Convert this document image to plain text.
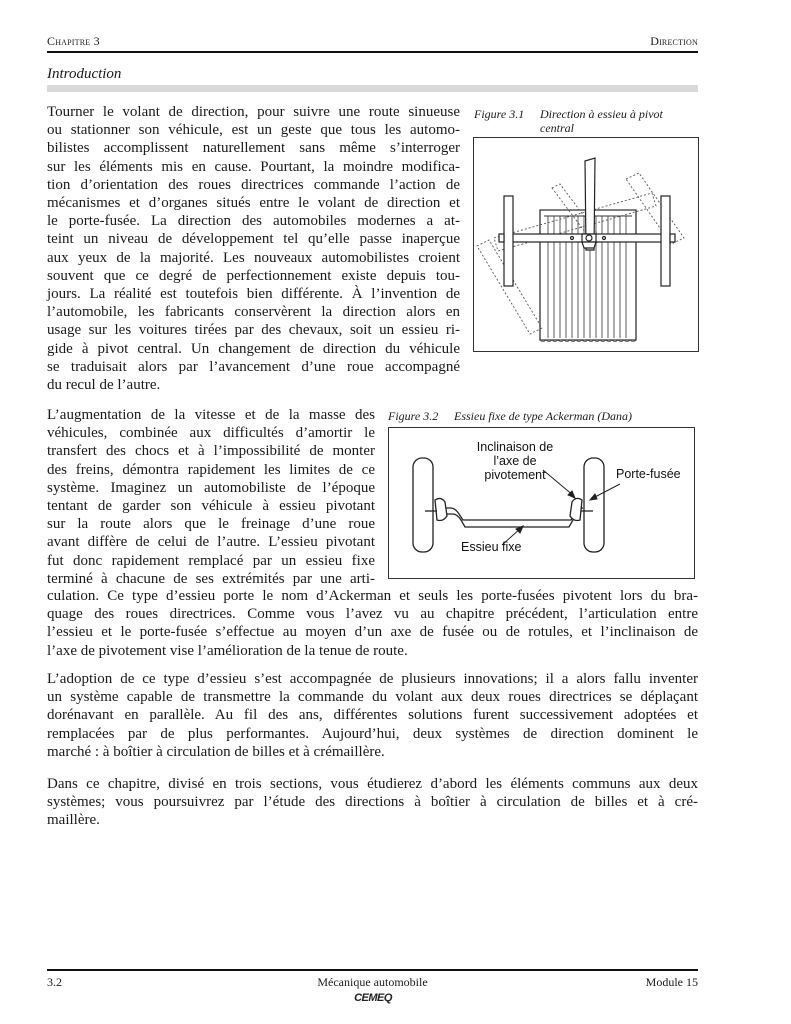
Chapitre 3	Direction
Introduction
Tourner le volant de direction, pour suivre une route sinueuse
ou stationner son véhicule, est un geste que tous les automo-
bilistes accomplissent naturellement sans même s’interroger
sur les éléments mis en cause. Pourtant, la moindre modifica-
tion d’orientation des roues directrices commande l’action de
mécanismes et d’organes situés entre le volant de direction et
le porte-fusée. La direction des automobiles modernes a at-
teint un niveau de développement tel qu’elle passe inaperçue
aux yeux de la majorité. Les nouveaux automobilistes croient
souvent que ce degré de perfectionnement existe depuis tou-
jours. La réalité est toutefois bien différente. À l’invention de
l’automobile, les fabricants conservèrent la direction alors en
usage sur les voitures tirées par des chevaux, soit un essieu ri-
gide à pivot central. Un changement de direction du véhicule
se traduisait alors par l’avancement d’une roue accompagné
du recul de l’autre.
Figure 3.1 Direction à essieu à pivot
central
L’augmentation de la vitesse et de la masse des
véhicules, combinée aux difficultés d’amortir le
transfert des chocs et à l’impossibilité de monter
des freins, démontra rapidement les limites de ce
système. Imaginez un automobiliste de l’époque
tentant de garder son véhicule à essieu pivotant
sur la route alors que le freinage d’une roue
avant diffère de celui de l’autre. L’essieu pivotant
fut donc rapidement remplacé par un essieu fixe
terminé à chacune de ses extrémités par une arti-
Figure 3.2 Essieu fixe de type Ackerman (Dana)
Inclinaison de
l’axe de pivotement	Porte-fusée
Essieu fixe
culation. Ce type d’essieu porte le nom d’Ackerman et seuls les porte-fusées pivotent lors du bra-
quage des roues directrices. Comme vous l’avez vu au chapitre précédent, l’articulation entre
l’essieu et le porte-fusée s’effectue au moyen d’un axe de fusée ou de rotules, et l’inclinaison de
l’axe de pivotement vise l’amélioration de la tenue de route.
L’adoption de ce type d’essieu s’est accompagnée de plusieurs innovations; il a alors fallu inventer
un système capable de transmettre la commande du volant aux deux roues directrices se déplaçant
dorénavant en parallèle. Au fil des ans, différentes solutions furent successivement adoptées et
remplacées par de plus performantes. Aujourd’hui, deux systèmes de direction dominent le
marché : à boîtier à circulation de billes et à crémaillère.
Dans ce chapitre, divisé en trois sections, vous étudierez d’abord les éléments communs aux deux
systèmes; vous poursuivrez par l’étude des directions à boîtier à circulation de billes et à cré-
maillère.
3.2	Mécanique automobile	Module 15
CEMEQ
